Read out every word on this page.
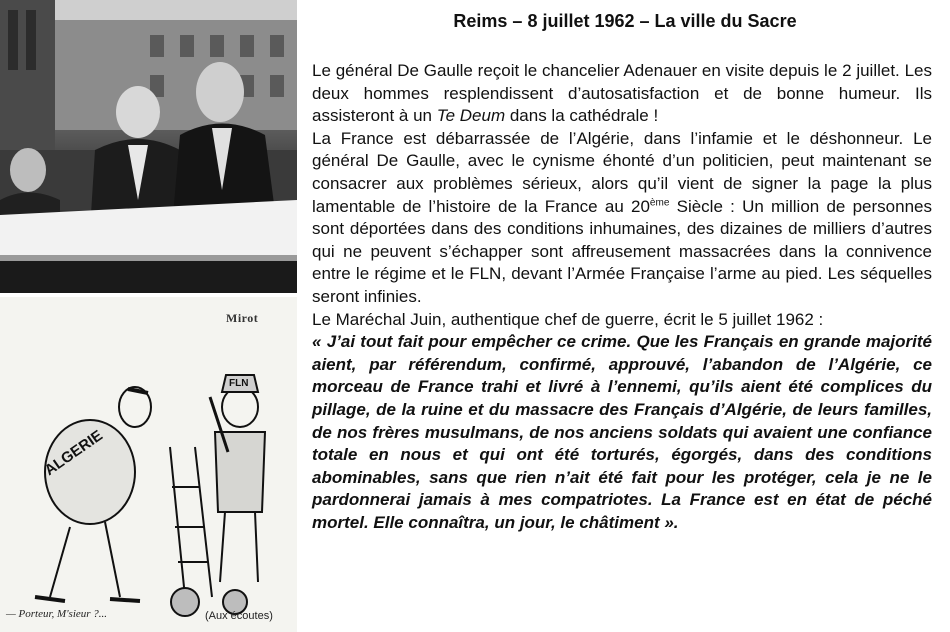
ALGERIE
FLN
Mirot
— Porteur, M'sieur ?...	(Aux écoutes)
Reims – 8 juillet 1962 – La ville du Sacre

Le général De Gaulle reçoit le chancelier Adenauer en visite depuis le 2 juillet. Les deux hommes resplendissent d’autosatisfaction et de bonne humeur. Ils assisteront à un Te Deum dans la cathédrale !

La France est débarrassée de l’Algérie, dans l’infamie et le déshonneur. Le général De Gaulle, avec le cynisme éhonté d’un politicien, peut maintenant se consacrer aux problèmes sérieux, alors qu’il vient de signer la page la plus lamentable de l’histoire de la France au 20ème Siècle : Un million de personnes sont déportées dans des conditions inhumaines, des dizaines de milliers d’autres qui ne peuvent s’échapper sont affreusement massacrées dans la connivence entre le régime et le FLN, devant l’Armée Française l’arme au pied. Les séquelles seront infinies.

Le Maréchal Juin, authentique chef de guerre, écrit le 5 juillet 1962 :

« J’ai tout fait pour empêcher ce crime. Que les Français en grande majorité aient, par référendum, confirmé, approuvé, l’abandon de l’Algérie, ce morceau de France trahi et livré à l’ennemi, qu’ils aient été complices du pillage, de la ruine et du massacre des Français d’Algérie, de leurs familles, de nos frères musulmans, de nos anciens soldats qui avaient une confiance totale en nous et qui ont été torturés, égorgés, dans des conditions abominables, sans que rien n’ait été fait pour les protéger, cela je ne le pardonnerai jamais à mes compatriotes. La France est en état de péché mortel. Elle connaîtra, un jour, le châtiment ».
